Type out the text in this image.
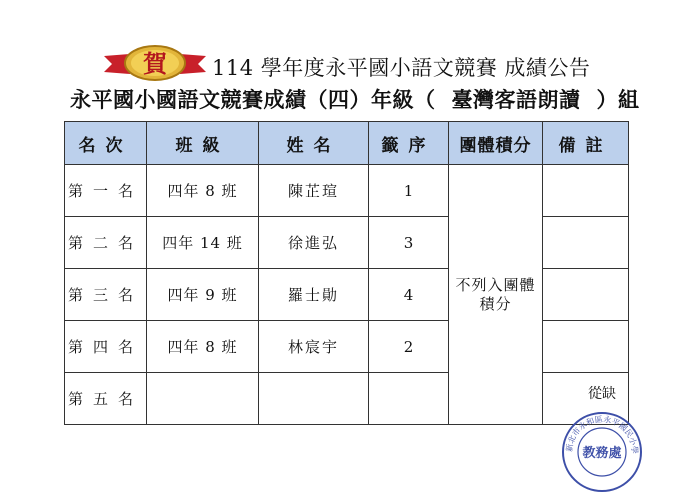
賀 114 學年度永平國小語文競賽 成績公告
永平國小國語文競賽成績（四）年級（ 臺灣客語朗讀 ）組
名次	班級	姓名	籤序	團體積分	備註
第一名	四年 8 班	陳芷瑄	1	不列入團體積分	
第二名	四年 14 班	徐進弘	3		
第三名	四年 9 班	羅士勛	4		
第四名	四年 8 班	林宸宇	2		
第五名					從缺
新北市永和區永平國民小學
教務處
